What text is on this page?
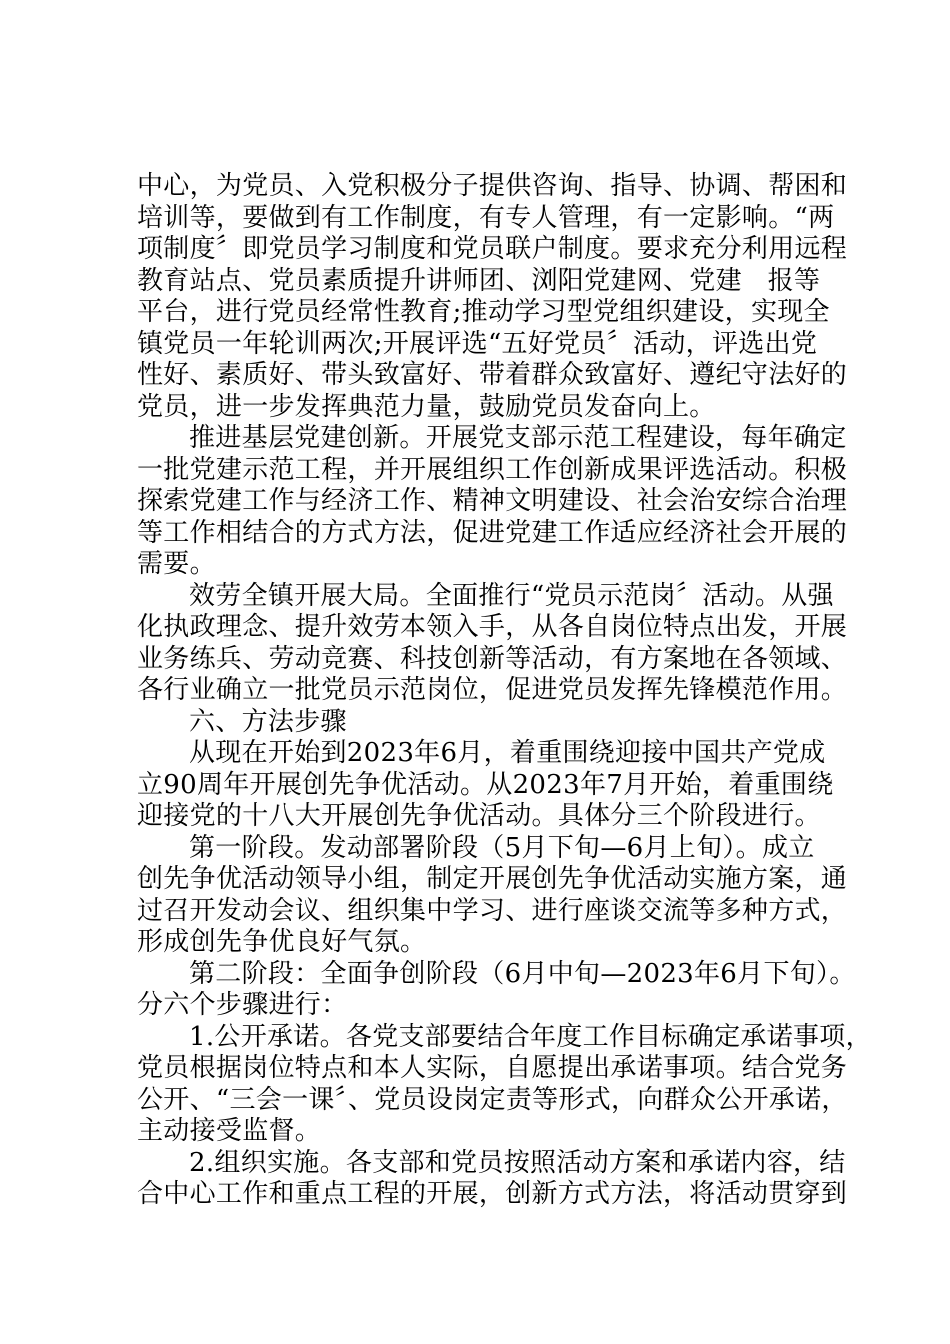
中心，为党员、入党积极分子提供咨询、指导、协调、帮困和
培训等，要做到有工作制度，有专人管理，有一定影响。“两
项制度〞即党员学习制度和党员联户制度。要求充分利用远程
教育站点、党员素质提升讲师团、浏阳党建网、党建   报等
平台，进行党员经常性教育;推动学习型党组织建设，实现全
镇党员一年轮训两次;开展评选“五好党员〞活动，评选出党
性好、素质好、带头致富好、带着群众致富好、遵纪守法好的
党员，进一步发挥典范力量，鼓励党员发奋向上。
推进基层党建创新。开展党支部示范工程建设，每年确定
一批党建示范工程，并开展组织工作创新成果评选活动。积极
探索党建工作与经济工作、精神文明建设、社会治安综合治理
等工作相结合的方式方法，促进党建工作适应经济社会开展的
需要。
效劳全镇开展大局。全面推行“党员示范岗〞活动。从强
化执政理念、提升效劳本领入手，从各自岗位特点出发，开展
业务练兵、劳动竞赛、科技创新等活动，有方案地在各领域、
各行业确立一批党员示范岗位，促进党员发挥先锋模范作用。
六、方法步骤
从现在开始到2023年6月，着重围绕迎接中国共产党成
立90周年开展创先争优活动。从2023年7月开始，着重围绕
迎接党的十八大开展创先争优活动。具体分三个阶段进行。
第一阶段。发动部署阶段（5月下旬—6月上旬）。成立
创先争优活动领导小组，制定开展创先争优活动实施方案，通
过召开发动会议、组织集中学习、进行座谈交流等多种方式，
形成创先争优良好气氛。
第二阶段：全面争创阶段（6月中旬—2023年6月下旬）。
分六个步骤进行：
1.公开承诺。各党支部要结合年度工作目标确定承诺事项，
党员根据岗位特点和本人实际，自愿提出承诺事项。结合党务
公开、“三会一课〞、党员设岗定责等形式，向群众公开承诺，
主动接受监督。
2.组织实施。各支部和党员按照活动方案和承诺内容，结
合中心工作和重点工程的开展，创新方式方法，将活动贯穿到
